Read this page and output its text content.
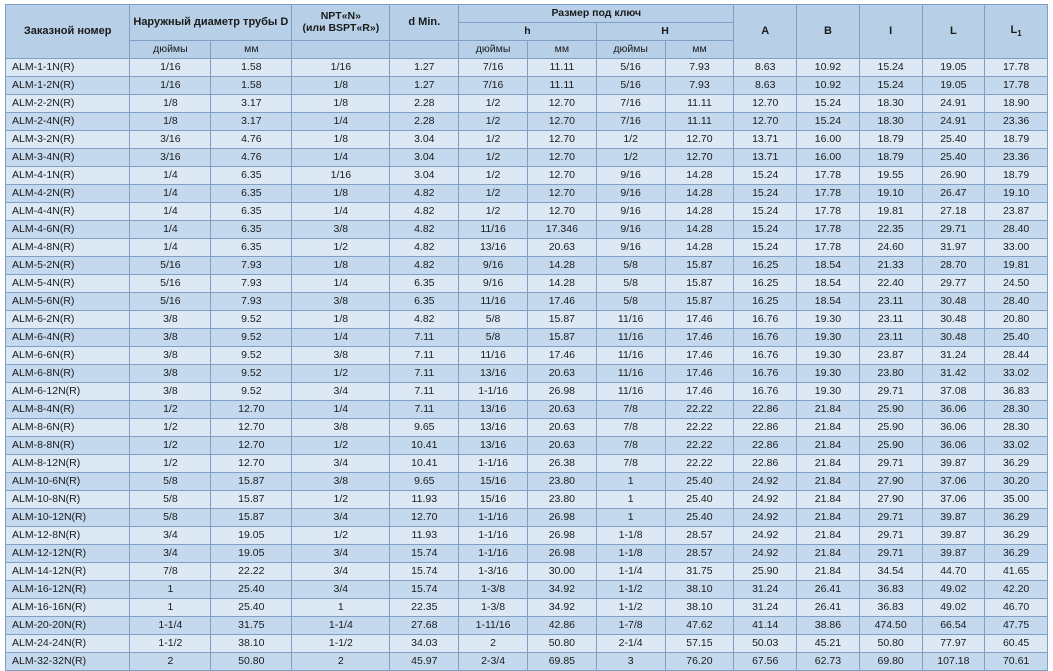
Заказной номер	Наружный диаметр трубы D		NPT«N»
(или BSPT«R»)	d Min.	Размер под ключ				A	B	I	L	$L_1$
					h		H						
	дюймы	мм			дюймы	мм	дюймы	мм					
ALM-1-1N(R)	1/16	1.58	1/16	1.27	7/16	11.11	5/16	7.93	8.63	10.92	15.24	19.05	17.78
ALM-1-2N(R)	1/16	1.58	1/8	1.27	7/16	11.11	5/16	7.93	8.63	10.92	15.24	19.05	17.78
ALM-2-2N(R)	1/8	3.17	1/8	2.28	1/2	12.70	7/16	11.11	12.70	15.24	18.30	24.91	18.90
ALM-2-4N(R)	1/8	3.17	1/4	2.28	1/2	12.70	7/16	11.11	12.70	15.24	18.30	24.91	23.36
ALM-3-2N(R)	3/16	4.76	1/8	3.04	1/2	12.70	1/2	12.70	13.71	16.00	18.79	25.40	18.79
ALM-3-4N(R)	3/16	4.76	1/4	3.04	1/2	12.70	1/2	12.70	13.71	16.00	18.79	25.40	23.36
ALM-4-1N(R)	1/4	6.35	1/16	3.04	1/2	12.70	9/16	14.28	15.24	17.78	19.55	26.90	18.79
ALM-4-2N(R)	1/4	6.35	1/8	4.82	1/2	12.70	9/16	14.28	15.24	17.78	19.10	26.47	19.10
ALM-4-4N(R)	1/4	6.35	1/4	4.82	1/2	12.70	9/16	14.28	15.24	17.78	19.81	27.18	23.87
ALM-4-6N(R)	1/4	6.35	3/8	4.82	11/16	17.346	9/16	14.28	15.24	17.78	22.35	29.71	28.40
ALM-4-8N(R)	1/4	6.35	1/2	4.82	13/16	20.63	9/16	14.28	15.24	17.78	24.60	31.97	33.00
ALM-5-2N(R)	5/16	7.93	1/8	4.82	9/16	14.28	5/8	15.87	16.25	18.54	21.33	28.70	19.81
ALM-5-4N(R)	5/16	7.93	1/4	6.35	9/16	14.28	5/8	15.87	16.25	18.54	22.40	29.77	24.50
ALM-5-6N(R)	5/16	7.93	3/8	6.35	11/16	17.46	5/8	15.87	16.25	18.54	23.11	30.48	28.40
ALM-6-2N(R)	3/8	9.52	1/8	4.82	5/8	15.87	11/16	17.46	16.76	19.30	23.11	30.48	20.80
ALM-6-4N(R)	3/8	9.52	1/4	7.11	5/8	15.87	11/16	17.46	16.76	19.30	23.11	30.48	25.40
ALM-6-6N(R)	3/8	9.52	3/8	7.11	11/16	17.46	11/16	17.46	16.76	19.30	23.87	31.24	28.44
ALM-6-8N(R)	3/8	9.52	1/2	7.11	13/16	20.63	11/16	17.46	16.76	19.30	23.80	31.42	33.02
ALM-6-12N(R)	3/8	9.52	3/4	7.11	1-1/16	26.98	11/16	17.46	16.76	19.30	29.71	37.08	36.83
ALM-8-4N(R)	1/2	12.70	1/4	7.11	13/16	20.63	7/8	22.22	22.86	21.84	25.90	36.06	28.30
ALM-8-6N(R)	1/2	12.70	3/8	9.65	13/16	20.63	7/8	22.22	22.86	21.84	25.90	36.06	28.30
ALM-8-8N(R)	1/2	12.70	1/2	10.41	13/16	20.63	7/8	22.22	22.86	21.84	25.90	36.06	33.02
ALM-8-12N(R)	1/2	12.70	3/4	10.41	1-1/16	26.38	7/8	22.22	22.86	21.84	29.71	39.87	36.29
ALM-10-6N(R)	5/8	15.87	3/8	9.65	15/16	23.80	1	25.40	24.92	21.84	27.90	37.06	30.20
ALM-10-8N(R)	5/8	15.87	1/2	11.93	15/16	23.80	1	25.40	24.92	21.84	27.90	37.06	35.00
ALM-10-12N(R)	5/8	15.87	3/4	12.70	1-1/16	26.98	1	25.40	24.92	21.84	29.71	39.87	36.29
ALM-12-8N(R)	3/4	19.05	1/2	11.93	1-1/16	26.98	1-1/8	28.57	24.92	21.84	29.71	39.87	36.29
ALM-12-12N(R)	3/4	19.05	3/4	15.74	1-1/16	26.98	1-1/8	28.57	24.92	21.84	29.71	39.87	36.29
ALM-14-12N(R)	7/8	22.22	3/4	15.74	1-3/16	30.00	1-1/4	31.75	25.90	21.84	34.54	44.70	41.65
ALM-16-12N(R)	1	25.40	3/4	15.74	1-3/8	34.92	1-1/2	38.10	31.24	26.41	36.83	49.02	42.20
ALM-16-16N(R)	1	25.40	1	22.35	1-3/8	34.92	1-1/2	38.10	31.24	26.41	36.83	49.02	46.70
ALM-20-20N(R)	1-1/4	31.75	1-1/4	27.68	1-11/16	42.86	1-7/8	47.62	41.14	38.86	474.50	66.54	47.75
ALM-24-24N(R)	1-1/2	38.10	1-1/2	34.03	2	50.80	2-1/4	57.15	50.03	45.21	50.80	77.97	60.45
ALM-32-32N(R)	2	50.80	2	45.97	2-3/4	69.85	3	76.20	67.56	62.73	69.80	107.18	70.61
